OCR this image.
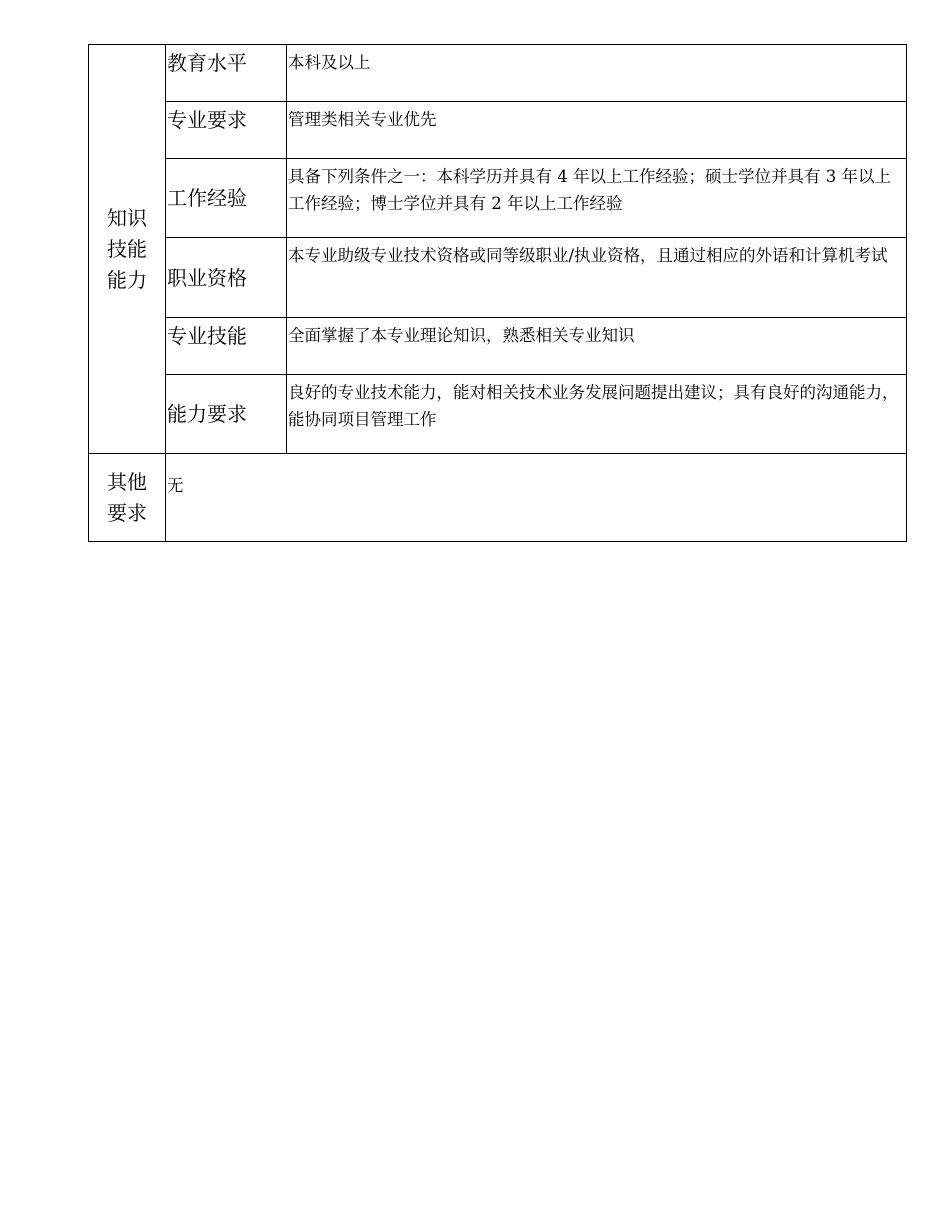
知识技能能力	教育水平	本科及以上
	专业要求	管理类相关专业优先
	工作经验	具备下列条件之一：本科学历并具有 4 年以上工作经验；硕士学位并具有 3 年以上工作经验；博士学位并具有 2 年以上工作经验
	职业资格	本专业助级专业技术资格或同等级职业/执业资格，且通过相应的外语和计算机考试
	专业技能	全面掌握了本专业理论知识，熟悉相关专业知识
	能力要求	良好的专业技术能力，能对相关技术业务发展问题提出建议；具有良好的沟通能力，能协同项目管理工作
其他要求	无	
